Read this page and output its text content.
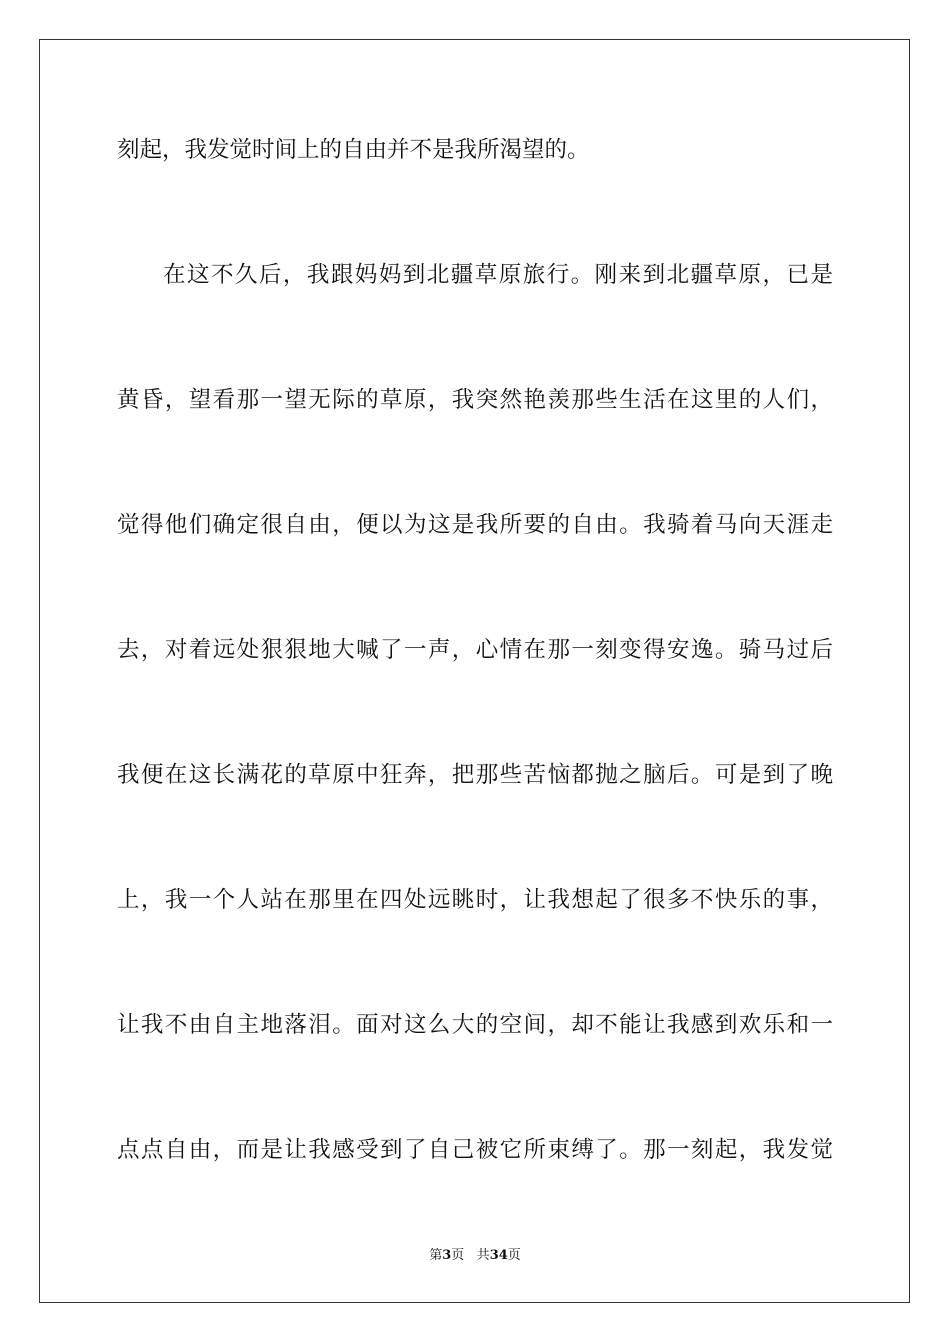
刻起，我发觉时间上的自由并不是我所渴望的。
在这不久后，我跟妈妈到北疆草原旅行。刚来到北疆草原，已是
黄昏，望看那一望无际的草原，我突然艳羡那些生活在这里的人们，
觉得他们确定很自由，便以为这是我所要的自由。我骑着马向天涯走
去，对着远处狠狠地大喊了一声，心情在那一刻变得安逸。骑马过后
我便在这长满花的草原中狂奔，把那些苦恼都抛之脑后。可是到了晚
上，我一个人站在那里在四处远眺时，让我想起了很多不快乐的事，
让我不由自主地落泪。面对这么大的空间，却不能让我感到欢乐和一
点点自由，而是让我感受到了自己被它所束缚了。那一刻起，我发觉
第3页 共34页
